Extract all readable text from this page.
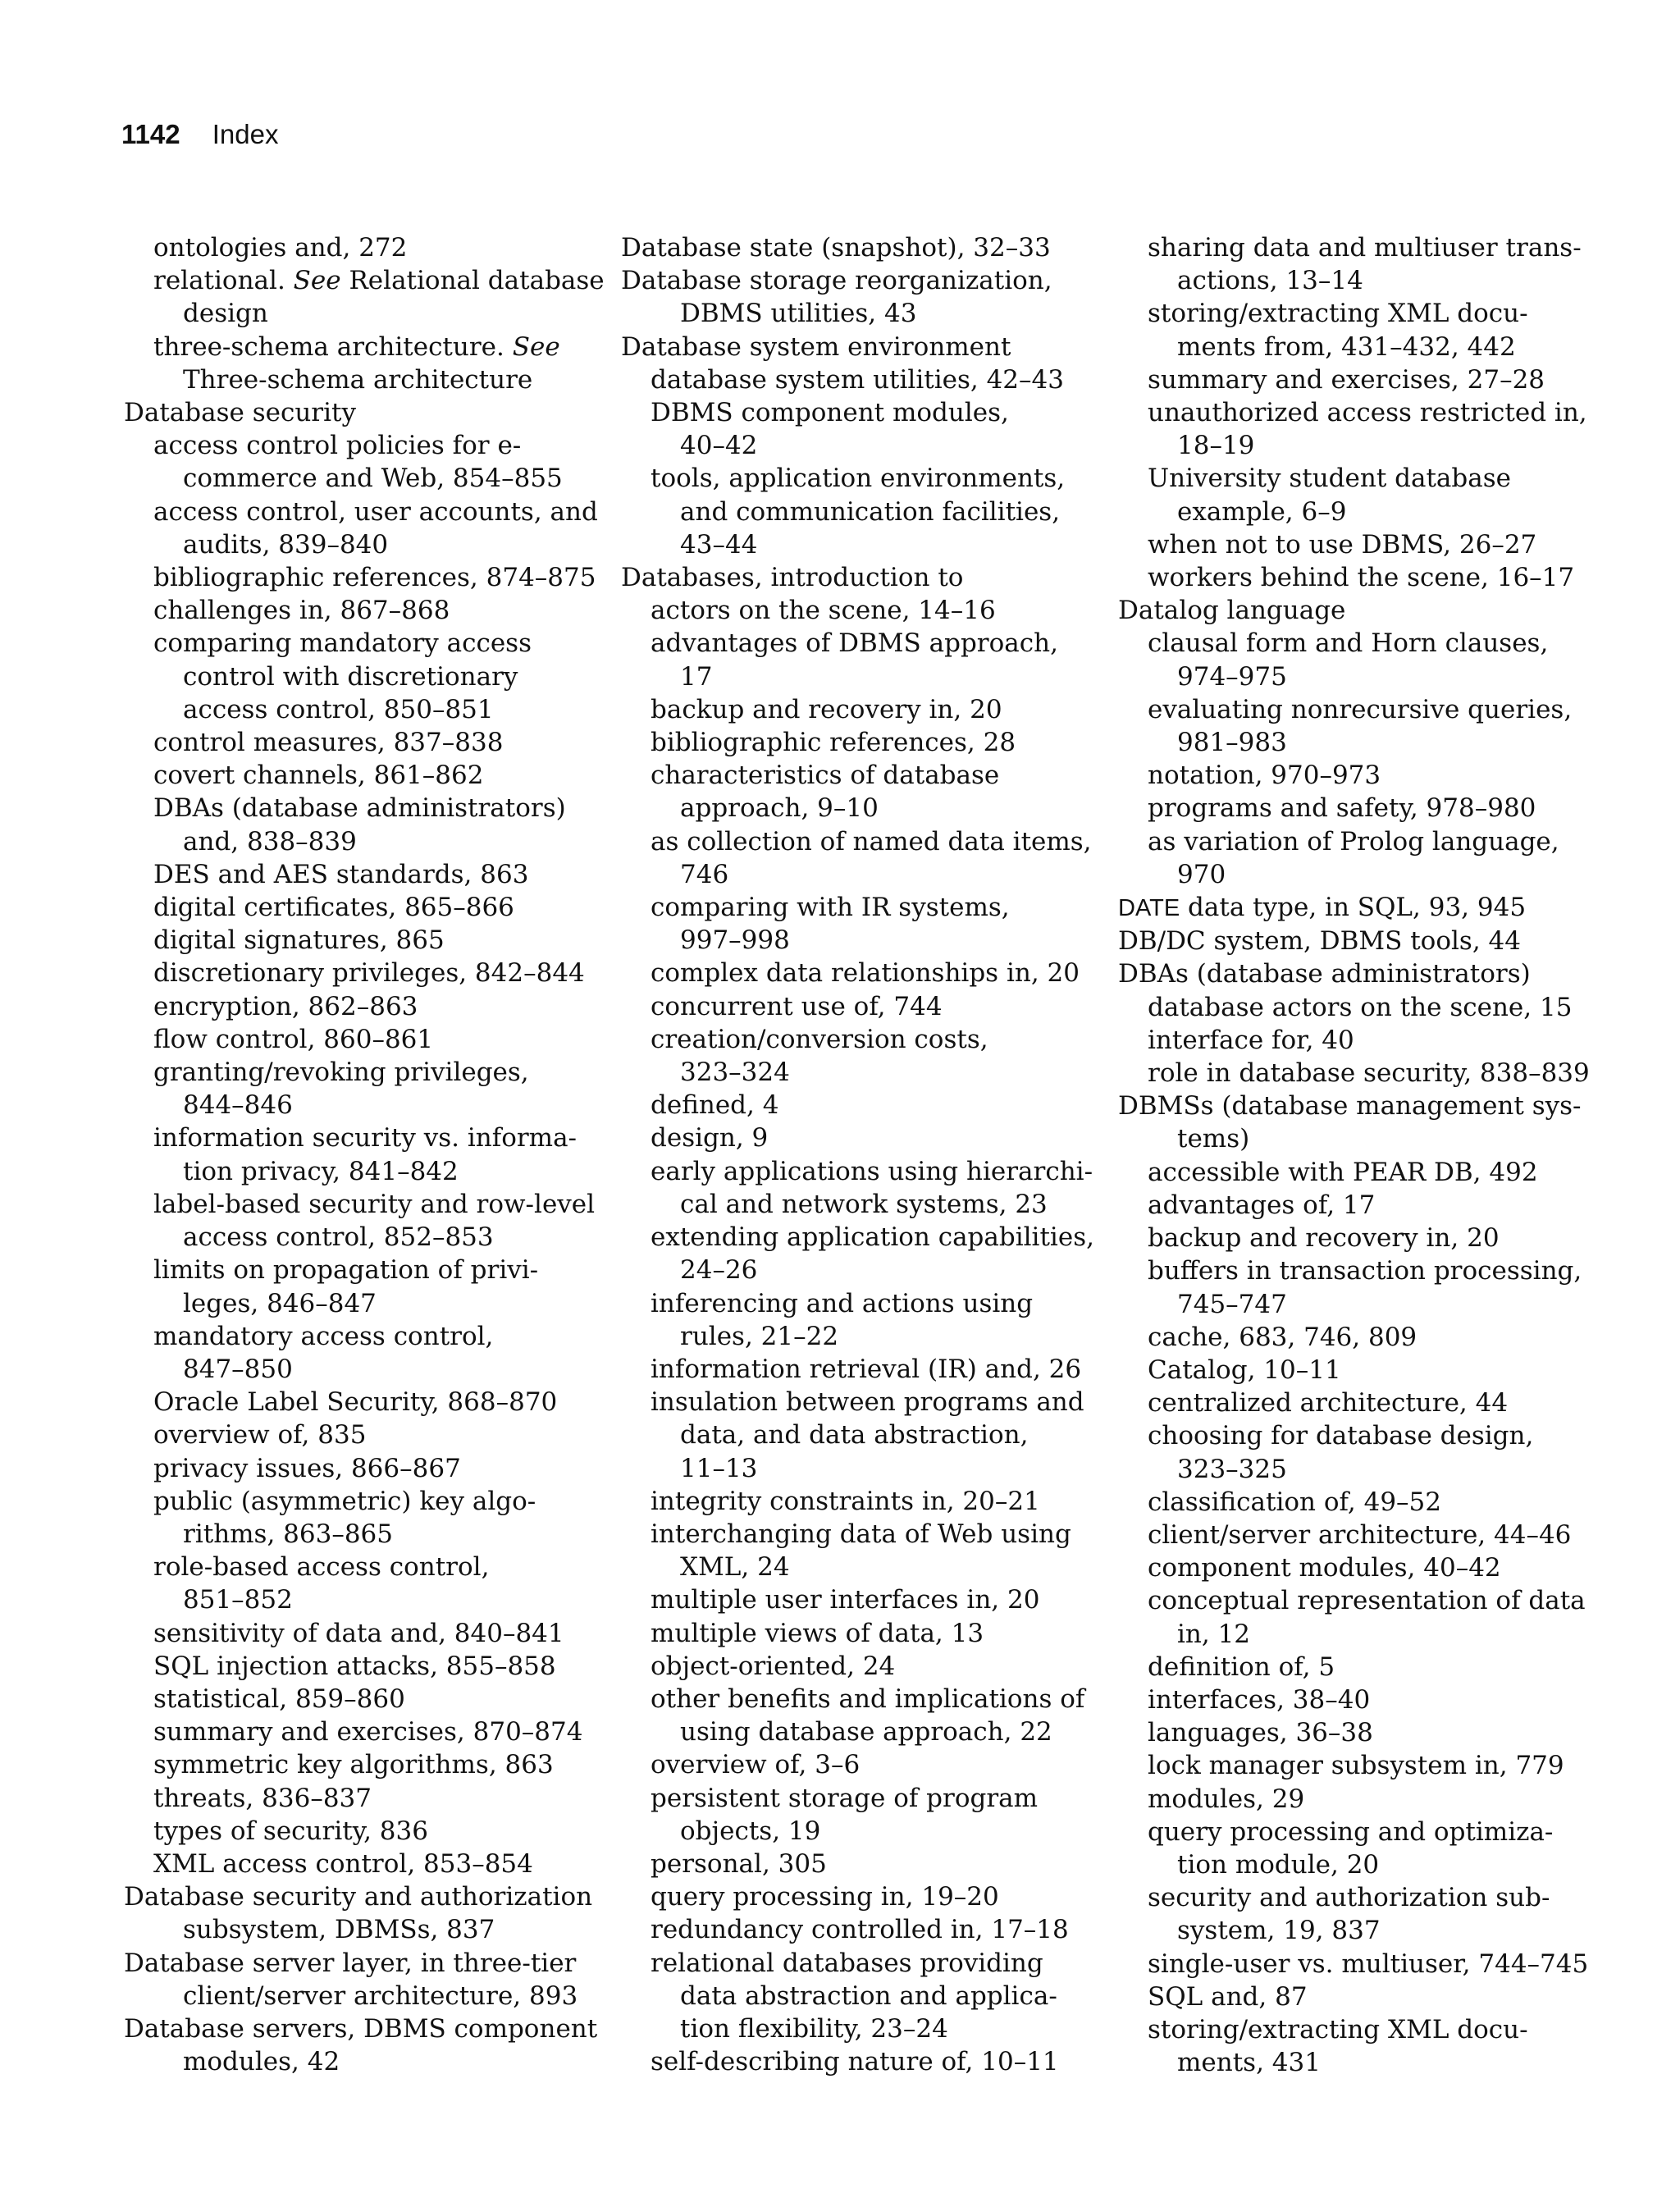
1142 Index
ontologies and, 272
relational. See Relational database
design
three-schema architecture. See
Three-schema architecture
Database security
access control policies for e-
commerce and Web, 854–855
access control, user accounts, and
audits, 839–840
bibliographic references, 874–875
challenges in, 867–868
comparing mandatory access
control with discretionary
access control, 850–851
control measures, 837–838
covert channels, 861–862
DBAs (database administrators)
and, 838–839
DES and AES standards, 863
digital certificates, 865–866
digital signatures, 865
discretionary privileges, 842–844
encryption, 862–863
flow control, 860–861
granting/revoking privileges,
844–846
information security vs. informa-
tion privacy, 841–842
label-based security and row-level
access control, 852–853
limits on propagation of privi-
leges, 846–847
mandatory access control,
847–850
Oracle Label Security, 868–870
overview of, 835
privacy issues, 866–867
public (asymmetric) key algo-
rithms, 863–865
role-based access control,
851–852
sensitivity of data and, 840–841
SQL injection attacks, 855–858
statistical, 859–860
summary and exercises, 870–874
symmetric key algorithms, 863
threats, 836–837
types of security, 836
XML access control, 853–854
Database security and authorization
subsystem, DBMSs, 837
Database server layer, in three-tier
client/server architecture, 893
Database servers, DBMS component
modules, 42
Database state (snapshot), 32–33
Database storage reorganization,
DBMS utilities, 43
Database system environment
database system utilities, 42–43
DBMS component modules,
40–42
tools, application environments,
and communication facilities,
43–44
Databases, introduction to
actors on the scene, 14–16
advantages of DBMS approach,
17
backup and recovery in, 20
bibliographic references, 28
characteristics of database
approach, 9–10
as collection of named data items,
746
comparing with IR systems,
997–998
complex data relationships in, 20
concurrent use of, 744
creation/conversion costs,
323–324
defined, 4
design, 9
early applications using hierarchi-
cal and network systems, 23
extending application capabilities,
24–26
inferencing and actions using
rules, 21–22
information retrieval (IR) and, 26
insulation between programs and
data, and data abstraction,
11–13
integrity constraints in, 20–21
interchanging data of Web using
XML, 24
multiple user interfaces in, 20
multiple views of data, 13
object-oriented, 24
other benefits and implications of
using database approach, 22
overview of, 3–6
persistent storage of program
objects, 19
personal, 305
query processing in, 19–20
redundancy controlled in, 17–18
relational databases providing
data abstraction and applica-
tion flexibility, 23–24
self-describing nature of, 10–11
sharing data and multiuser trans-
actions, 13–14
storing/extracting XML docu-
ments from, 431–432, 442
summary and exercises, 27–28
unauthorized access restricted in,
18–19
University student database
example, 6–9
when not to use DBMS, 26–27
workers behind the scene, 16–17
Datalog language
clausal form and Horn clauses,
974–975
evaluating nonrecursive queries,
981–983
notation, 970–973
programs and safety, 978–980
as variation of Prolog language,
970
DATE data type, in SQL, 93, 945
DB/DC system, DBMS tools, 44
DBAs (database administrators)
database actors on the scene, 15
interface for, 40
role in database security, 838–839
DBMSs (database management sys-
tems)
accessible with PEAR DB, 492
advantages of, 17
backup and recovery in, 20
buffers in transaction processing,
745–747
cache, 683, 746, 809
Catalog, 10–11
centralized architecture, 44
choosing for database design,
323–325
classification of, 49–52
client/server architecture, 44–46
component modules, 40–42
conceptual representation of data
in, 12
definition of, 5
interfaces, 38–40
languages, 36–38
lock manager subsystem in, 779
modules, 29
query processing and optimiza-
tion module, 20
security and authorization sub-
system, 19, 837
single-user vs. multiuser, 744–745
SQL and, 87
storing/extracting XML docu-
ments, 431
